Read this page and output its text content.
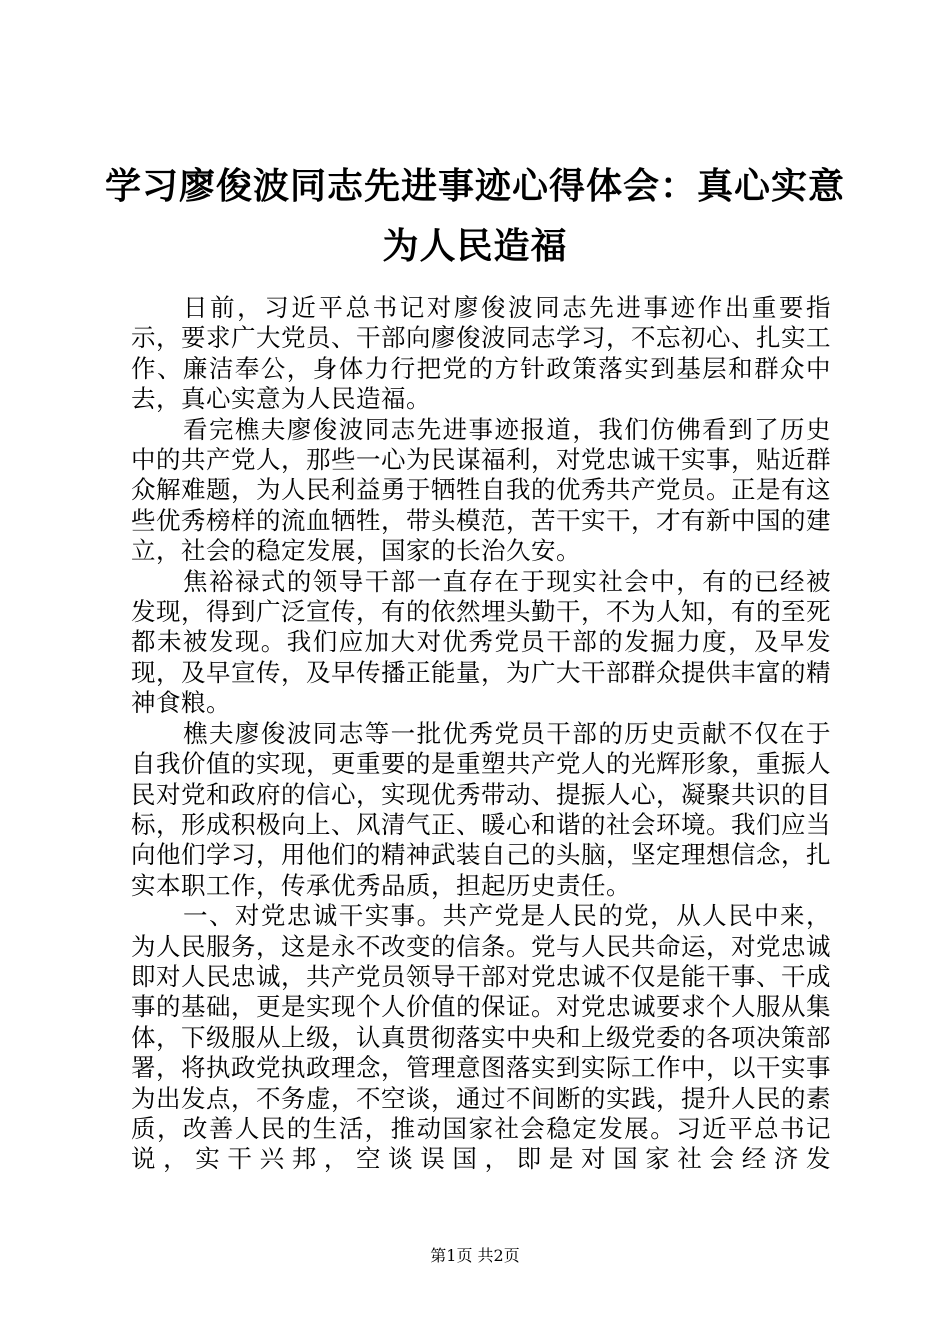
学习廖俊波同志先进事迹心得体会：真心实意
为人民造福

日前，习近平总书记对廖俊波同志先进事迹作出重要指示，要求广大党员、干部向廖俊波同志学习，不忘初心、扎实工作、廉洁奉公，身体力行把党的方针政策落实到基层和群众中去，真心实意为人民造福。

看完樵夫廖俊波同志先进事迹报道，我们仿佛看到了历史中的共产党人，那些一心为民谋福利，对党忠诚干实事，贴近群众解难题，为人民利益勇于牺牲自我的优秀共产党员。正是有这些优秀榜样的流血牺牲，带头模范，苦干实干，才有新中国的建立，社会的稳定发展，国家的长治久安。

焦裕禄式的领导干部一直存在于现实社会中，有的已经被发现，得到广泛宣传，有的依然埋头勤干，不为人知，有的至死都未被发现。我们应加大对优秀党员干部的发掘力度，及早发现，及早宣传，及早传播正能量，为广大干部群众提供丰富的精神食粮。

樵夫廖俊波同志等一批优秀党员干部的历史贡献不仅在于自我价值的实现，更重要的是重塑共产党人的光辉形象，重振人民对党和政府的信心，实现优秀带动、提振人心，凝聚共识的目标，形成积极向上、风清气正、暖心和谐的社会环境。我们应当向他们学习，用他们的精神武装自己的头脑，坚定理想信念，扎实本职工作，传承优秀品质，担起历史责任。

一、对党忠诚干实事。共产党是人民的党，从人民中来，为人民服务，这是永不改变的信条。党与人民共命运，对党忠诚即对人民忠诚，共产党员领导干部对党忠诚不仅是能干事、干成事的基础，更是实现个人价值的保证。对党忠诚要求个人服从集体，下级服从上级，认真贯彻落实中央和上级党委的各项决策部署，将执政党执政理念，管理意图落实到实际工作中，以干实事为出发点，不务虚，不空谈，通过不间断的实践，提升人民的素质，改善人民的生活，推动国家社会稳定发展。习近平总书记说，实干兴邦，空谈误国，即是对国家社会经济发

第1页 共2页
